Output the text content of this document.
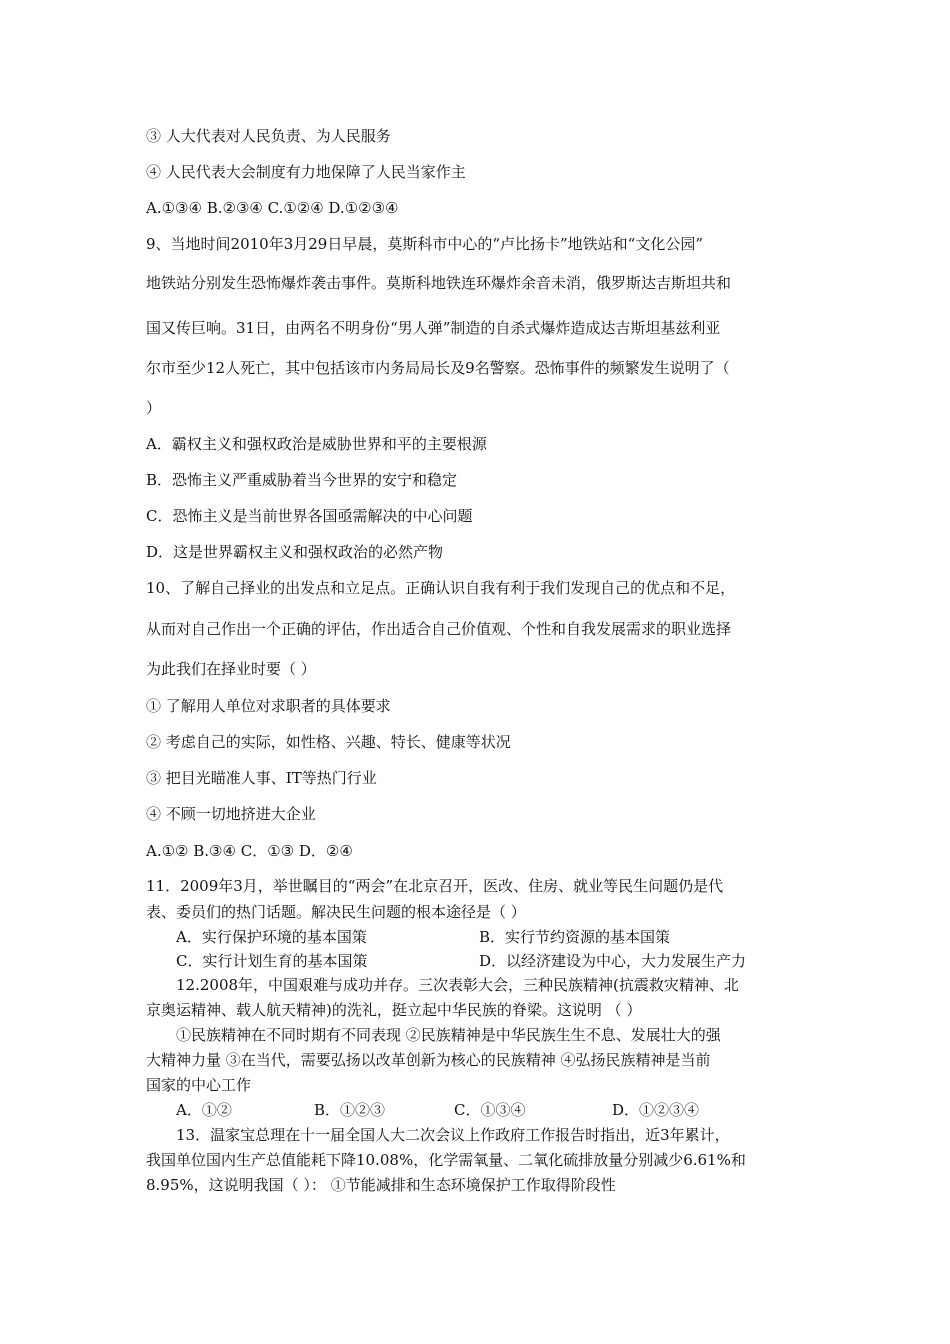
③ 人大代表对人民负责、为人民服务
④ 人民代表大会制度有力地保障了人民当家作主
A.①③④ B.②③④ C.①②④ D.①②③④
9、当地时间2010年3月29日早晨，莫斯科市中心的“卢比扬卡”地铁站和“文化公园”
地铁站分别发生恐怖爆炸袭击事件。莫斯科地铁连环爆炸余音未消，俄罗斯达吉斯坦共和
国又传巨响。31日，由两名不明身份“男人弹”制造的自杀式爆炸造成达吉斯坦基兹利亚
尔市至少12人死亡，其中包括该市内务局局长及9名警察。恐怖事件的频繁发生说明了（
）
A．霸权主义和强权政治是威胁世界和平的主要根源
B．恐怖主义严重威胁着当今世界的安宁和稳定
C．恐怖主义是当前世界各国亟需解决的中心问题
D．这是世界霸权主义和强权政治的必然产物
10、了解自己择业的出发点和立足点。正确认识自我有利于我们发现自己的优点和不足，
从而对自己作出一个正确的评估，作出适合自己价值观、个性和自我发展需求的职业选择
为此我们在择业时要（ ）
① 了解用人单位对求职者的具体要求
② 考虑自己的实际，如性格、兴趣、特长、健康等状况
③ 把目光瞄准人事、IT等热门行业
④ 不顾一切地挤进大企业
A.①② B.③④ C．①③ D．②④
11．2009年3月，举世瞩目的“两会”在北京召开，医改、住房、就业等民生问题仍是代
表、委员们的热门话题。解决民生问题的根本途径是（ ）
A．实行保护环境的基本国策	B．实行节约资源的基本国策
C．实行计划生育的基本国策	D．以经济建设为中心，大力发展生产力
12.2008年，中国艰难与成功并存。三次表彰大会，三种民族精神(抗震救灾精神、北
京奥运精神、载人航天精神)的洗礼，挺立起中华民族的脊梁。这说明 （ ）
①民族精神在不同时期有不同表现 ②民族精神是中华民族生生不息、发展壮大的强
大精神力量 ③在当代，需要弘扬以改革创新为核心的民族精神 ④弘扬民族精神是当前
国家的中心工作
A．①②	B．①②③	C．①③④	D．①②③④
13．温家宝总理在十一届全国人大二次会议上作政府工作报告时指出，近3年累计，
我国单位国内生产总值能耗下降10.08%，化学需氧量、二氧化硫排放量分别减少6.61%和
8.95%，这说明我国（ ）： ①节能减排和生态环境保护工作取得阶段性
